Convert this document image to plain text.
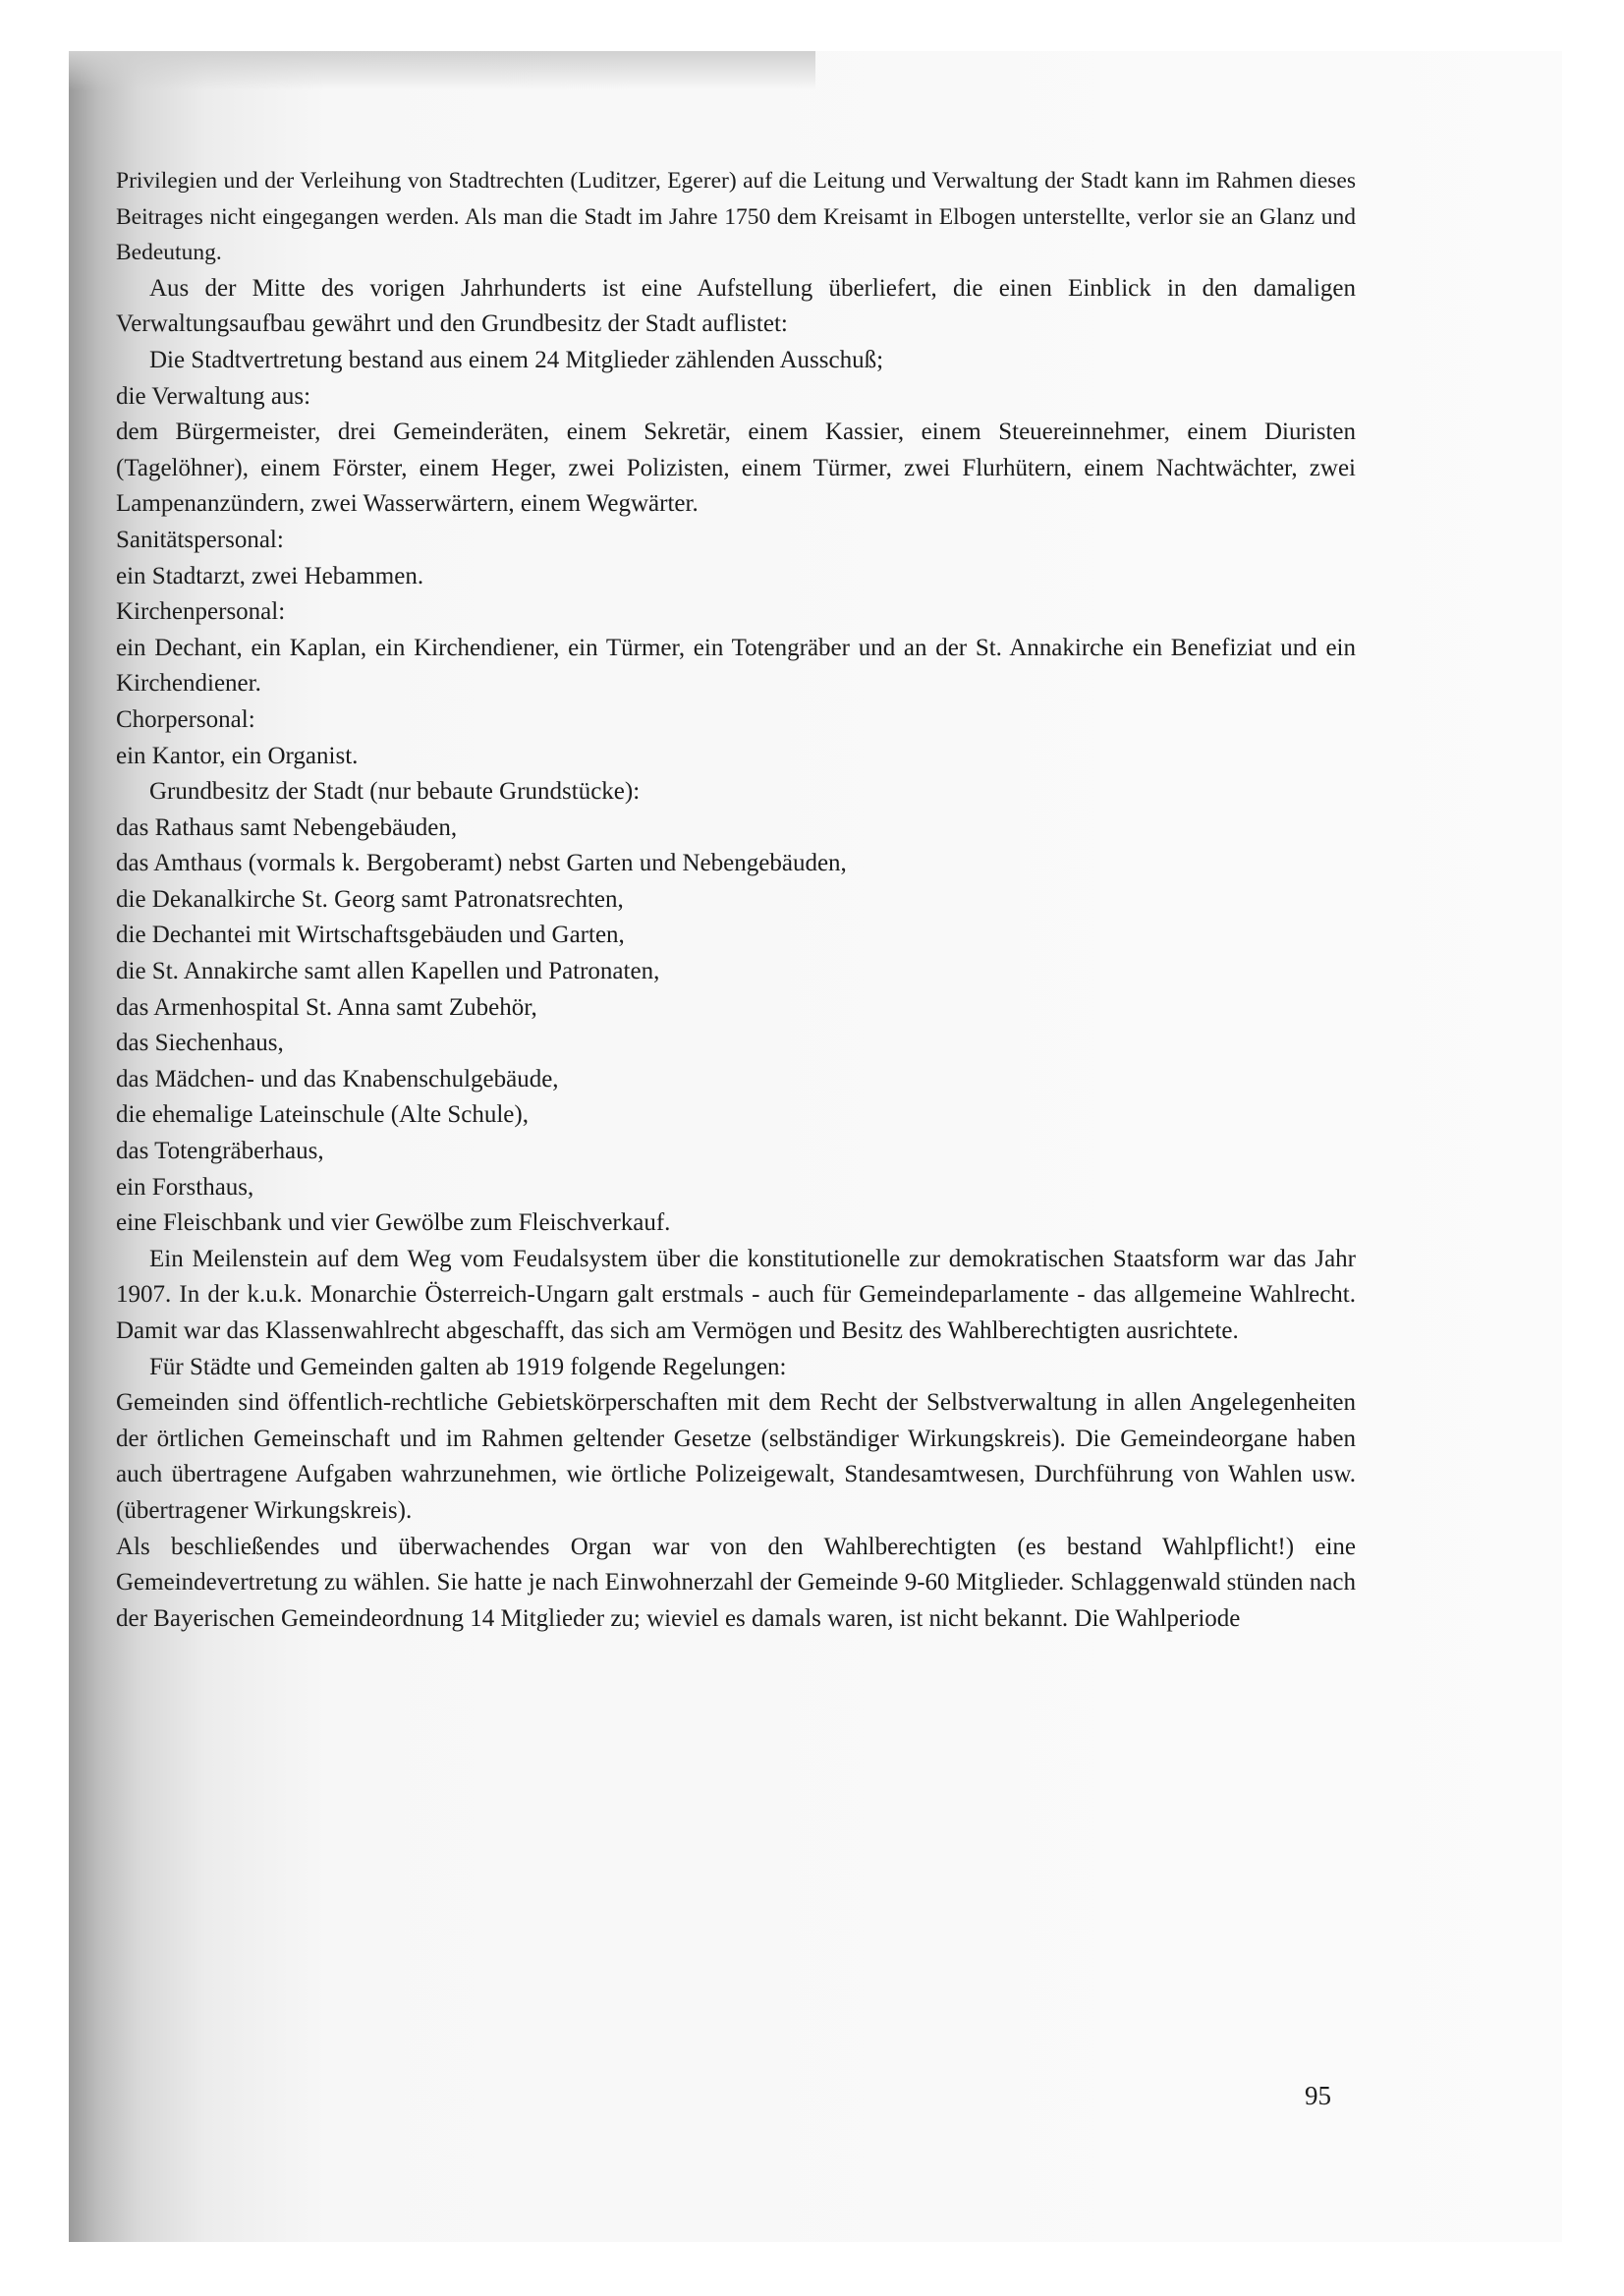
Privilegien und der Verleihung von Stadtrechten (Luditzer, Egerer) auf die Leitung und Verwaltung der Stadt kann im Rahmen dieses Beitrages nicht eingegangen werden. Als man die Stadt im Jahre 1750 dem Kreisamt in Elbogen unterstellte, verlor sie an Glanz und Bedeutung.

Aus der Mitte des vorigen Jahrhunderts ist eine Aufstellung überliefert, die einen Einblick in den damaligen Verwaltungsaufbau gewährt und den Grundbesitz der Stadt auflistet:

Die Stadtvertretung bestand aus einem 24 Mitglieder zählenden Ausschuß;

die Verwaltung aus:

dem Bürgermeister, drei Gemeinderäten, einem Sekretär, einem Kassier, einem Steuereinnehmer, einem Diuristen (Tagelöhner), einem Förster, einem Heger, zwei Polizisten, einem Türmer, zwei Flurhütern, einem Nachtwächter, zwei Lampenanzündern, zwei Wasserwärtern, einem Wegwärter.

Sanitätspersonal:

ein Stadtarzt, zwei Hebammen.

Kirchenpersonal:

ein Dechant, ein Kaplan, ein Kirchendiener, ein Türmer, ein Totengräber und an der St. Annakirche ein Benefiziat und ein Kirchendiener.

Chorpersonal:

ein Kantor, ein Organist.

Grundbesitz der Stadt (nur bebaute Grundstücke):

das Rathaus samt Nebengebäuden,

das Amthaus (vormals k. Bergoberamt) nebst Garten und Nebengebäuden,

die Dekanalkirche St. Georg samt Patronatsrechten,

die Dechantei mit Wirtschaftsgebäuden und Garten,

die St. Annakirche samt allen Kapellen und Patronaten,

das Armenhospital St. Anna samt Zubehör,

das Siechenhaus,

das Mädchen- und das Knabenschulgebäude,

die ehemalige Lateinschule (Alte Schule),

das Totengräberhaus,

ein Forsthaus,

eine Fleischbank und vier Gewölbe zum Fleischverkauf.

Ein Meilenstein auf dem Weg vom Feudalsystem über die konstitutionelle zur demokratischen Staatsform war das Jahr 1907. In der k.u.k. Monarchie Österreich-Ungarn galt erstmals - auch für Gemeindeparlamente - das allgemeine Wahlrecht. Damit war das Klassenwahlrecht abgeschafft, das sich am Vermögen und Besitz des Wahlberechtigten ausrichtete.

Für Städte und Gemeinden galten ab 1919 folgende Regelungen:

Gemeinden sind öffentlich-rechtliche Gebietskörperschaften mit dem Recht der Selbstverwaltung in allen Angelegenheiten der örtlichen Gemeinschaft und im Rahmen geltender Gesetze (selbständiger Wirkungskreis). Die Gemeindeorgane haben auch übertragene Aufgaben wahrzunehmen, wie örtliche Polizeigewalt, Standesamtwesen, Durchführung von Wahlen usw. (übertragener Wirkungskreis).

Als beschließendes und überwachendes Organ war von den Wahlberechtigten (es bestand Wahlpflicht!) eine Gemeindevertretung zu wählen. Sie hatte je nach Einwohnerzahl der Gemeinde 9-60 Mitglieder. Schlaggenwald stünden nach der Bayerischen Gemeindeordnung 14 Mitglieder zu; wieviel es damals waren, ist nicht bekannt. Die Wahlperiode

95
